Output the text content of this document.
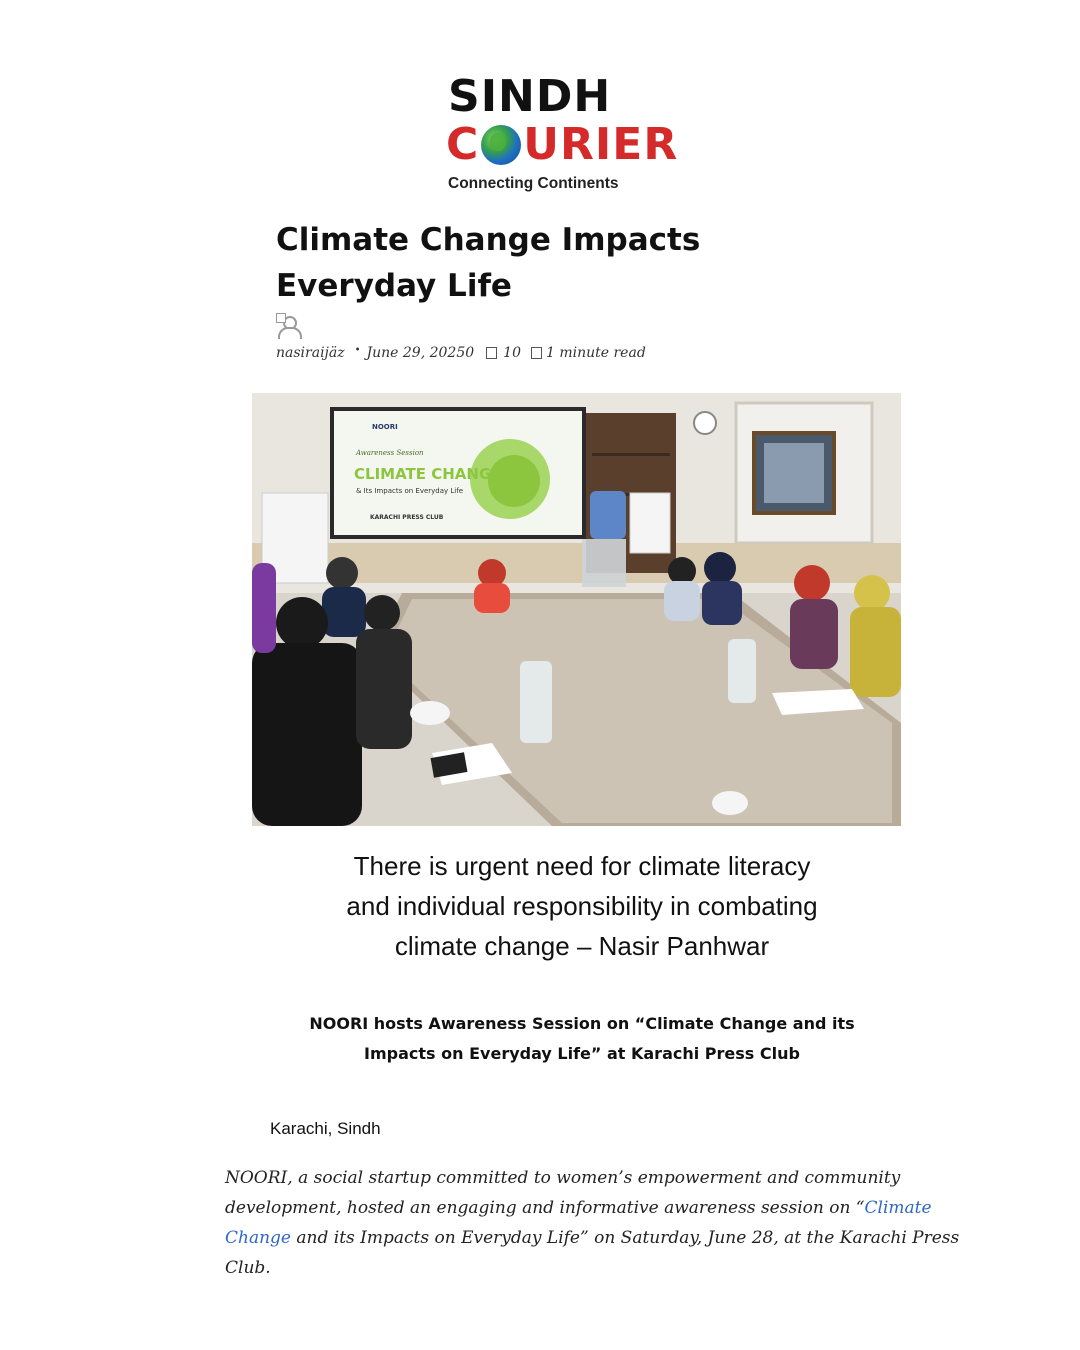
SINDH
C URIER
Connecting Continents
Climate Change Impacts Everyday Life
nasiraijäz • June 29, 20250 10 1 minute read
NOORI
Awareness Session
CLIMATE CHANGE
& Its Impacts on Everyday Life
KARACHI PRESS CLUB
There is urgent need for climate literacy and individual responsibility in combating climate change – Nasir Panhwar
NOORI hosts Awareness Session on “Climate Change and its Impacts on Everyday Life” at Karachi Press Club
Karachi, Sindh

NOORI, a social startup committed to women’s empowerment and community development, hosted an engaging and informative awareness session on “Climate Change and its Impacts on Everyday Life” on Saturday, June 28, at the Karachi Press Club.
